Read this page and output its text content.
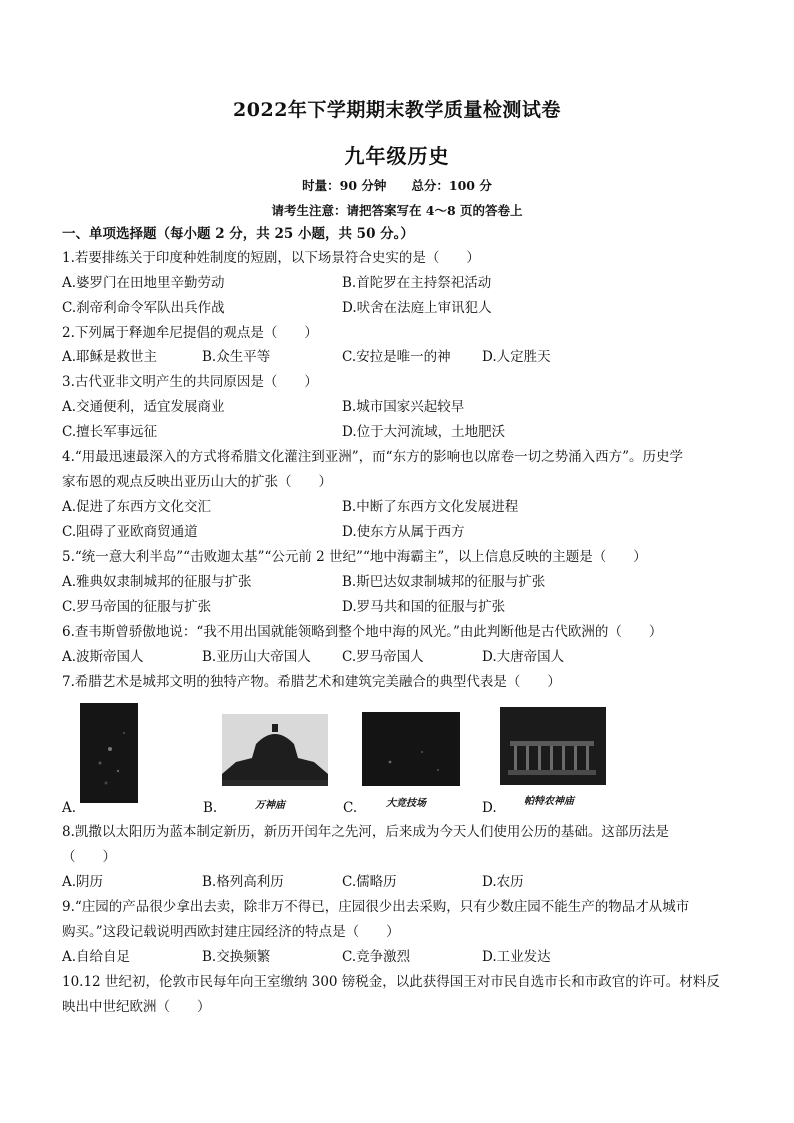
2022年下学期期末教学质量检测试卷
九年级历史
时量：90 分钟　　总分：100 分
请考生注意：请把答案写在 4～8 页的答卷上
一、单项选择题（每小题 2 分，共 25 小题，共 50 分。）
1.若要排练关于印度种姓制度的短剧，以下场景符合史实的是（　　）
A.婆罗门在田地里辛勤劳动	B.首陀罗在主持祭祀活动
C.刹帝利命令军队出兵作战	D.吠舍在法庭上审讯犯人
2.下列属于释迦牟尼提倡的观点是（　　）
A.耶稣是救世主	B.众生平等	C.安拉是唯一的神 D.人定胜天
3.古代亚非文明产生的共同原因是（　　）
A.交通便利，适宜发展商业	B.城市国家兴起较早
C.擅长军事远征	D.位于大河流域，土地肥沃
4.“用最迅速最深入的方式将希腊文化灌注到亚洲”，而“东方的影响也以席卷一切之势涌入西方”。历史学
家布恩的观点反映出亚历山大的扩张（　　）
A.促进了东西方文化交汇	B.中断了东西方文化发展进程
C.阻碍了亚欧商贸通道	D.使东方从属于西方
5.“统一意大利半岛”“击败迦太基”“公元前 2 世纪”“地中海霸主”，以上信息反映的主题是（　　）
A.雅典奴隶制城邦的征服与扩张	B.斯巴达奴隶制城邦的征服与扩张
C.罗马帝国的征服与扩张	D.罗马共和国的征服与扩张
6.查韦斯曾骄傲地说：“我不用出国就能领略到整个地中海的风光。”由此判断他是古代欧洲的（　　）
A.波斯帝国人	B.亚历山大帝国人 C.罗马帝国人	D.大唐帝国人
7.希腊艺术是城邦文明的独特产物。希腊艺术和建筑完美融合的典型代表是（　　）
A.	B.	万神庙	C.	大竞技场	D.	帕特农神庙
8.凯撒以太阳历为蓝本制定新历，新历开闰年之先河，后来成为今天人们使用公历的基础。这部历法是
（　　）
A.阴历	B.格列高利历	C.儒略历	D.农历
9.“庄园的产品很少拿出去卖，除非万不得已，庄园很少出去采购，只有少数庄园不能生产的物品才从城市
购买。”这段记载说明西欧封建庄园经济的特点是（　　）
A.自给自足	B.交换频繁	C.竞争激烈	D.工业发达
10.12 世纪初，伦敦市民每年向王室缴纳 300 镑税金，以此获得国王对市民自选市长和市政官的许可。材料反
映出中世纪欧洲（　　）
